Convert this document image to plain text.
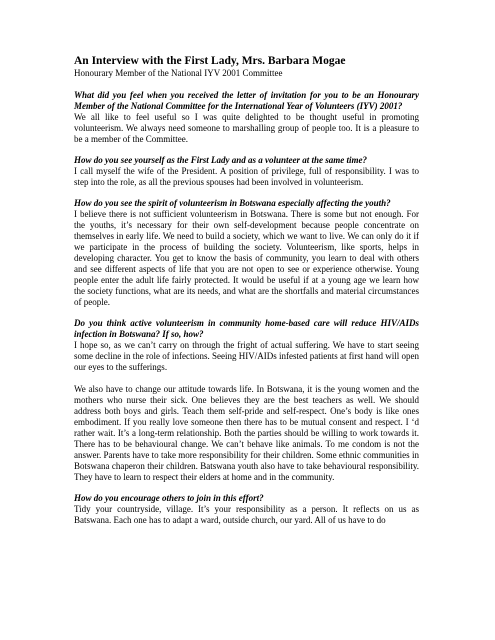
An Interview with the First Lady, Mrs. Barbara Mogae

Honourary Member of the National IYV 2001 Committee

What did you feel when you received the letter of invitation for you to be an Honourary Member of the National Committee for the International Year of Volunteers (IYV) 2001?

We all like to feel useful so I was quite delighted to be thought useful in promoting volunteerism. We always need someone to marshalling group of people too. It is a pleasure to be a member of the Committee.

How do you see yourself as the First Lady and as a volunteer at the same time?

I call myself the wife of the President. A position of privilege, full of responsibility. I was to step into the role, as all the previous spouses had been involved in volunteerism.

How do you see the spirit of volunteerism in Botswana especially affecting the youth?

I believe there is not sufficient volunteerism in Botswana. There is some but not enough. For the youths, it’s necessary for their own self-development because people concentrate on themselves in early life. We need to build a society, which we want to live. We can only do it if we participate in the process of building the society. Volunteerism, like sports, helps in developing character. You get to know the basis of community, you learn to deal with others and see different aspects of life that you are not open to see or experience otherwise. Young people enter the adult life fairly protected. It would be useful if at a young age we learn how the society functions, what are its needs, and what are the shortfalls and material circumstances of people.

Do you think active volunteerism in community home-based care will reduce HIV/AIDs infection in Botswana? If so, how?

I hope so, as we can’t carry on through the fright of actual suffering. We have to start seeing some decline in the role of infections. Seeing HIV/AIDs infested patients at first hand will open our eyes to the sufferings.

We also have to change our attitude towards life. In Botswana, it is the young women and the mothers who nurse their sick. One believes they are the best teachers as well. We should address both boys and girls. Teach them self-pride and self-respect. One’s body is like ones embodiment. If you really love someone then there has to be mutual consent and respect. I ‘d rather wait. It’s a long-term relationship. Both the parties should be willing to work towards it. There has to be behavioural change. We can’t behave like animals. To me condom is not the answer. Parents have to take more responsibility for their children. Some ethnic communities in Botswana chaperon their children. Batswana youth also have to take behavioural responsibility. They have to learn to respect their elders at home and in the community.

How do you encourage others to join in this effort?

Tidy your countryside, village. It’s your responsibility as a person. It reflects on us as Batswana. Each one has to adapt a ward, outside church, our yard. All of us have to do
